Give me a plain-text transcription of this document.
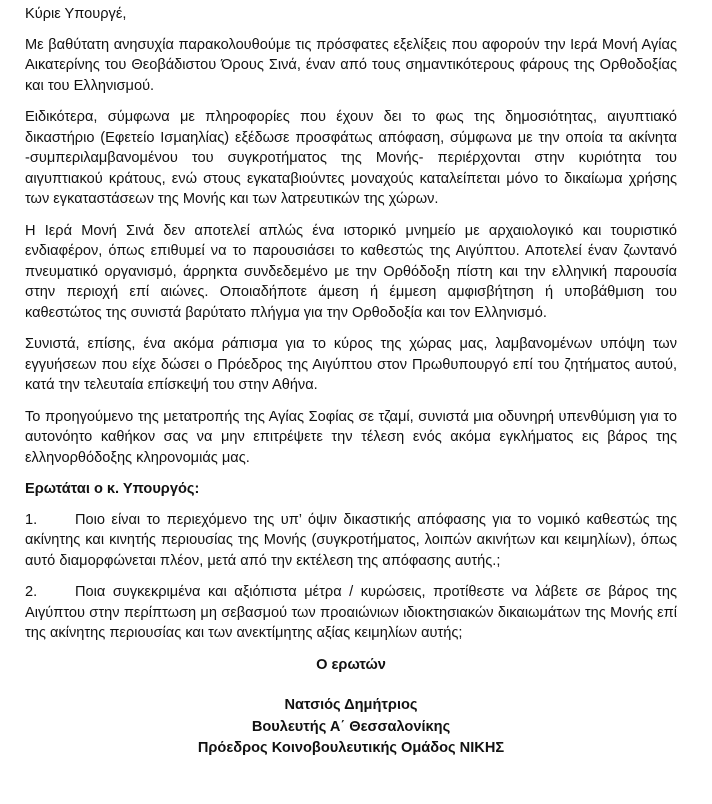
Κύριε Υπουργέ,

Με βαθύτατη ανησυχία παρακολουθούμε τις πρόσφατες εξελίξεις που αφορούν την Ιερά Μονή Αγίας Αικατερίνης του Θεοβάδιστου Όρους Σινά, έναν από τους σημαντικότερους φάρους της Ορθοδοξίας και του Ελληνισμού.

Ειδικότερα, σύμφωνα με πληροφορίες που έχουν δει το φως της δημοσιότητας, αιγυπτιακό δικαστήριο (Εφετείο Ισμαηλίας) εξέδωσε προσφάτως απόφαση, σύμφωνα με την οποία τα ακίνητα -συμπεριλαμβανομένου του συγκροτήματος της Μονής- περιέρχονται στην κυριότητα του αιγυπτιακού κράτους, ενώ στους εγκαταβιούντες μοναχούς καταλείπεται μόνο το δικαίωμα χρήσης των εγκαταστάσεων της Μονής και των λατρευτικών της χώρων.

Η Ιερά Μονή Σινά δεν αποτελεί απλώς ένα ιστορικό μνημείο με αρχαιολογικό και τουριστικό ενδιαφέρον, όπως επιθυμεί να το παρουσιάσει το καθεστώς της Αιγύπτου. Αποτελεί έναν ζωντανό πνευματικό οργανισμό, άρρηκτα συνδεδεμένο με την Ορθόδοξη πίστη και την ελληνική παρουσία στην περιοχή επί αιώνες. Οποιαδήποτε άμεση ή έμμεση αμφισβήτηση ή υποβάθμιση του καθεστώτος της συνιστά βαρύτατο πλήγμα για την Ορθοδοξία και τον Ελληνισμό.

Συνιστά, επίσης, ένα ακόμα ράπισμα για το κύρος της χώρας μας, λαμβανομένων υπόψη των εγγυήσεων που είχε δώσει ο Πρόεδρος της Αιγύπτου στον Πρωθυπουργό επί του ζητήματος αυτού, κατά την τελευταία επίσκεψή του στην Αθήνα.

Το προηγούμενο της μετατροπής της Αγίας Σοφίας σε τζαμί, συνιστά μια οδυνηρή υπενθύμιση για το αυτονόητο καθήκον σας να μην επιτρέψετε την τέλεση ενός ακόμα εγκλήματος εις βάρος της ελληνορθόδοξης κληρονομιάς μας.

Ερωτάται ο κ. Υπουργός:

1.	Ποιο είναι το περιεχόμενο της υπ’ όψιν δικαστικής απόφασης για το νομικό καθεστώς της ακίνητης και κινητής περιουσίας της Μονής (συγκροτήματος, λοιπών ακινήτων και κειμηλίων), όπως αυτό διαμορφώνεται πλέον, μετά από την εκτέλεση της απόφασης αυτής.;
2.	Ποια συγκεκριμένα και αξιόπιστα μέτρα / κυρώσεις, προτίθεστε να λάβετε σε βάρος της Αιγύπτου στην περίπτωση μη σεβασμού των προαιώνιων ιδιοκτησιακών δικαιωμάτων της Μονής επί της ακίνητης περιουσίας και των ανεκτίμητης αξίας κειμηλίων αυτής;

Ο ερωτών

Νατσιός Δημήτριος

Βουλευτής Α΄ Θεσσαλονίκης

Πρόεδρος Κοινοβουλευτικής Ομάδος ΝΙΚΗΣ
